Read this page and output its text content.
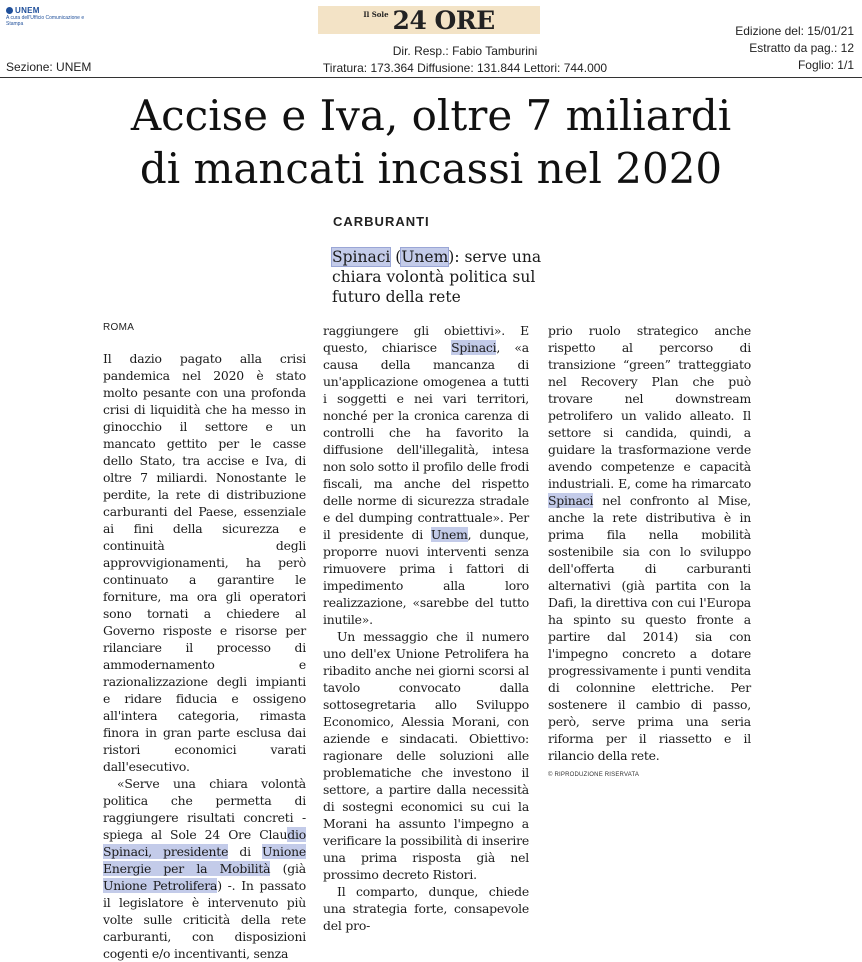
UNEM
A cura dell'Ufficio Comunicazione e Stampa
Il Sole 24 ORE
Sezione: UNEM
Dir. Resp.: Fabio Tamburini
Tiratura: 173.364 Diffusione: 131.844 Lettori: 744.000
Edizione del: 15/01/21
Estratto da pag.: 12
Foglio: 1/1
Accise e Iva, oltre 7 miliardi
di mancati incassi nel 2020
CARBURANTI
Spinaci (Unem): serve una chiara volontà politica sul futuro della rete
ROMA

Il dazio pagato alla crisi pandemica nel 2020 è stato molto pesante con una profonda crisi di liquidità che ha messo in ginocchio il settore e un mancato gettito per le casse dello Stato, tra accise e Iva, di oltre 7 miliardi. Nonostante le perdite, la rete di distribuzione carburanti del Paese, essenziale ai fini della sicurezza e continuità degli approvvigionamenti, ha però continuato a garantire le forniture, ma ora gli operatori sono tornati a chiedere al Governo risposte e risorse per rilanciare il processo di ammodernamento e razionalizzazione degli impianti e ridare fiducia e ossigeno all'intera categoria, rimasta finora in gran parte esclusa dai ristori economici varati dall'esecutivo.

«Serve una chiara volontà politica che permetta di raggiungere risultati concreti - spiega al Sole 24 Ore Claudio Spinaci, presidente di Unione Energie per la Mobilità (già Unione Petrolifera) -. In passato il legislatore è intervenuto più volte sulle criticità della rete carburanti, con disposizioni cogenti e/o incentivanti, senza

raggiungere gli obiettivi». E questo, chiarisce Spinaci, «a causa della mancanza di un'applicazione omogenea a tutti i soggetti e nei vari territori, nonché per la cronica carenza di controlli che ha favorito la diffusione dell'illegalità, intesa non solo sotto il profilo delle frodi fiscali, ma anche del rispetto delle norme di sicurezza stradale e del dumping contrattuale». Per il presidente di Unem, dunque, proporre nuovi interventi senza rimuovere prima i fattori di impedimento alla loro realizzazione, «sarebbe del tutto inutile».

Un messaggio che il numero uno dell'ex Unione Petrolifera ha ribadito anche nei giorni scorsi al tavolo convocato dalla sottosegretaria allo Sviluppo Economico, Alessia Morani, con aziende e sindacati. Obiettivo: ragionare delle soluzioni alle problematiche che investono il settore, a partire dalla necessità di sostegni economici su cui la Morani ha assunto l'impegno a verificare la possibilità di inserire una prima risposta già nel prossimo decreto Ristori.

Il comparto, dunque, chiede una strategia forte, consapevole del pro-

prio ruolo strategico anche rispetto al percorso di transizione “green” tratteggiato nel Recovery Plan che può trovare nel downstream petrolifero un valido alleato. Il settore si candida, quindi, a guidare la trasformazione verde avendo competenze e capacità industriali. E, come ha rimarcato Spinaci nel confronto al Mise, anche la rete distributiva è in prima fila nella mobilità sostenibile sia con lo sviluppo dell'offerta di carburanti alternativi (già partita con la Dafi, la direttiva con cui l'Europa ha spinto su questo fronte a partire dal 2014) sia con l'impegno concreto a dotare progressivamente i punti vendita di colonnine elettriche. Per sostenere il cambio di passo, però, serve prima una seria riforma per il riassetto e il rilancio della rete.

© RIPRODUZIONE RISERVATA
